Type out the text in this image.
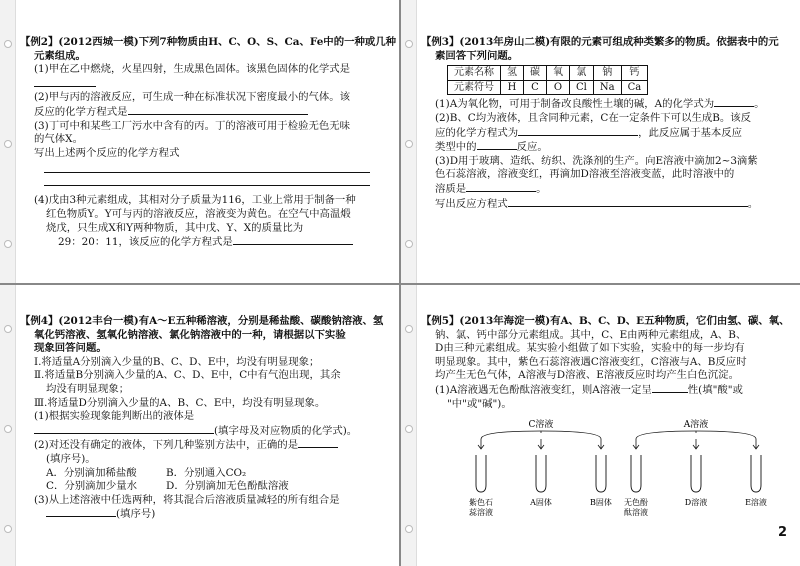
【例2】(2012西城一模)下列7种物质由H、C、O、S、Ca、Fe中的一种或几种
元素组成。
(1)甲在乙中燃烧，火星四射，生成黑色固体。该黑色固体的化学式是
(2)甲与丙的溶液反应，可生成一种在标准状况下密度最小的气体。该
反应的化学方程式是
(3)丁可中和某些工厂污水中含有的丙。丁的溶液可用于检验无色无味
的气体X。
写出上述两个反应的化学方程式
(4)戊由3种元素组成，其相对分子质量为116，工业上常用于制备一种
红色物质Y。Y可与丙的溶液反应，溶液变为黄色。在空气中高温煅
烧戊，只生成X和Y两种物质，其中戊、Y、X的质量比为
29：20：11，该反应的化学方程式是
【例3】(2013年房山二模)有限的元素可组成种类繁多的物质。依据表中的元
素回答下列问题。
元素名称	氢	碳	氧	氯	钠	钙
元素符号	H	C	O	Cl	Na	Ca
(1)A为氧化物，可用于制备改良酸性土壤的碱，A的化学式为	。
(2)B、C均为液体，且含同种元素，C在一定条件下可以生成B。该反
应的化学方程式为	，此反应属于基本反应
类型中的	反应。
(3)D用于玻璃、造纸、纺织、洗涤剂的生产。向E溶液中滴加2~3滴紫
色石蕊溶液，溶液变红，再滴加D溶液至溶液变蓝，此时溶液中的
溶质是	。
写出反应方程式	。
【例4】(2012丰台一模)有A～E五种稀溶液，分别是稀盐酸、碳酸钠溶液、氢
氧化钙溶液、氢氧化钠溶液、氯化钠溶液中的一种，请根据以下实验
现象回答问题。
Ⅰ.将适量A分别滴入少量的B、C、D、E中，均没有明显现象；
Ⅱ.将适量B分别滴入少量的A、C、D、E中，C中有气泡出现，其余
均没有明显现象；
Ⅲ.将适量D分别滴入少量的A、B、C、E中，均没有明显现象。
(1)根据实验现象能判断出的液体是
(填字母及对应物质的化学式)。
(2)对还没有确定的液体，下列几种鉴别方法中，正确的是
(填序号)。
A．分别滴加稀盐酸	B．分别通入CO₂
C．分别滴加少量水	D．分别滴加无色酚酞溶液
(3)从上述溶液中任选两种，将其混合后溶液质量减轻的所有组合是
(填序号)
【例5】(2013年海淀一模)有A、B、C、D、E五种物质，它们由氢、碳、氧、
钠、氯、钙中部分元素组成。其中，C、E由两种元素组成，A、B、
D由三种元素组成。某实验小组做了如下实验，实验中的每一步均有
明显现象。其中，紫色石蕊溶液遇C溶液变红，C溶液与A、B反应时
均产生无色气体，A溶液与D溶液、E溶液反应时均产生白色沉淀。
(1)A溶液遇无色酚酞溶液变红，则A溶液一定呈	性(填"酸"或
"中"或"碱")。
C溶液	A溶液
紫色石蕊溶液
A固体	B固体 无色酚酞溶液
D溶液	E溶液
2
